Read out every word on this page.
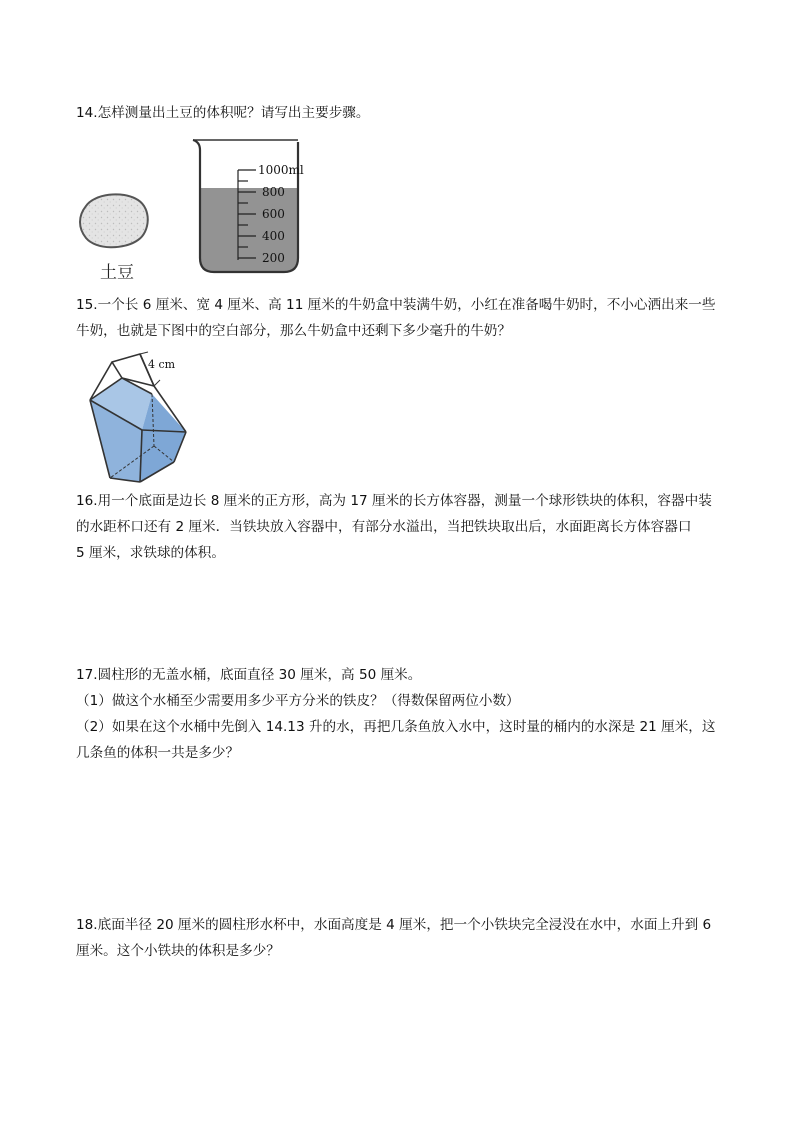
14.怎样测量出土豆的体积呢？请写出主要步骤。

土豆
1000ml
800
600
400
200

15.一个长 6 厘米、宽 4 厘米、高 11 厘米的牛奶盒中装满牛奶，小红在准备喝牛奶时，不小心洒出来一些
牛奶，也就是下图中的空白部分，那么牛奶盒中还剩下多少毫升的牛奶？

4 cm

16.用一个底面是边长 8 厘米的正方形，高为 17 厘米的长方体容器，测量一个球形铁块的体积，容器中装
的水距杯口还有 2 厘米．当铁块放入容器中，有部分水溢出，当把铁块取出后，水面距离长方体容器口
5 厘米，求铁球的体积。

17.圆柱形的无盖水桶，底面直径 30 厘米，高 50 厘米。
（1）做这个水桶至少需要用多少平方分米的铁皮？（得数保留两位小数）
（2）如果在这个水桶中先倒入 14.13 升的水，再把几条鱼放入水中，这时量的桶内的水深是 21 厘米，这
几条鱼的体积一共是多少？

18.底面半径 20 厘米的圆柱形水杯中，水面高度是 4 厘米，把一个小铁块完全浸没在水中，水面上升到 6
厘米。这个小铁块的体积是多少？
